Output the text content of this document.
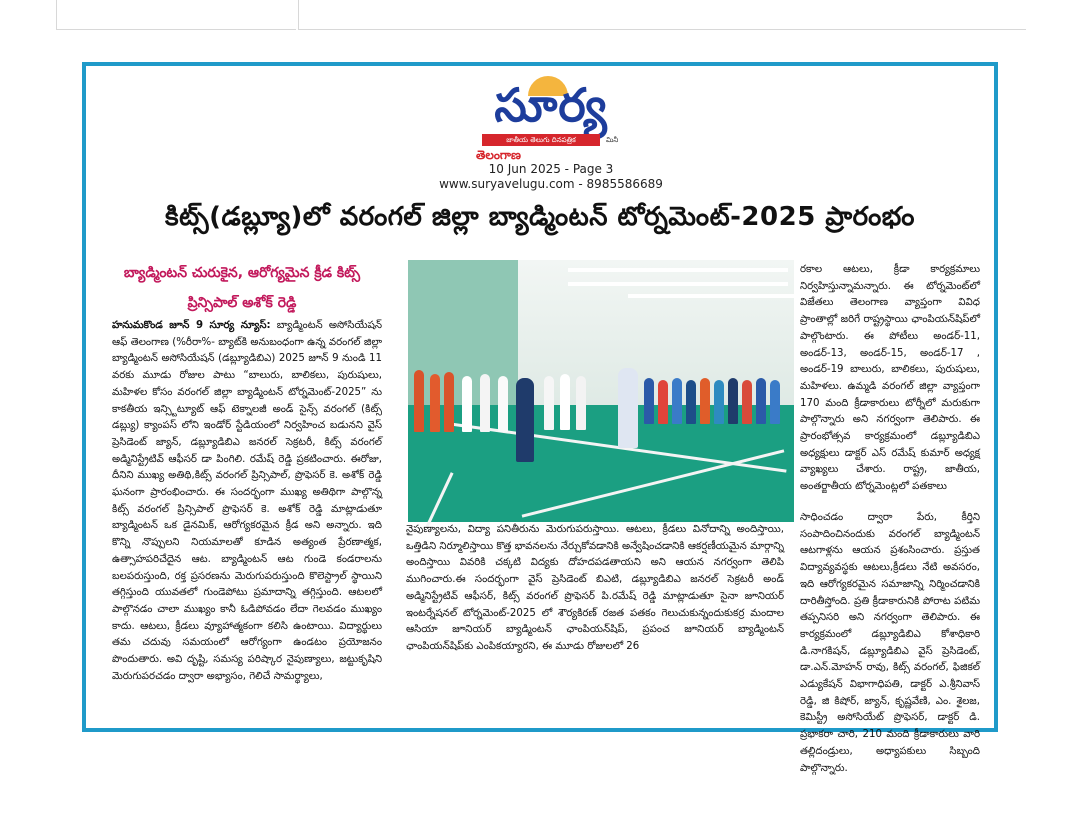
సూర్య
జాతీయ తెలుగు దినపత్రిక	మినీ
తెలంగాణ
10 Jun 2025 - Page 3
www.suryavelugu.com - 8985586689
కిట్స్(డబ్ల్యూ)లో వరంగల్ జిల్లా బ్యాడ్మింటన్ టోర్నమెంట్-2025 ప్రారంభం
బ్యాడ్మింటన్ చురుకైన, ఆరోగ్యమైన క్రీడ కిట్స్
ప్రిన్సిపాల్ అశోక్ రెడ్డి
హనుమకొండ జూన్ 9 సూర్య న్యూస్: బ్యాడ్మింటన్ అసోసియేషన్ ఆఫ్ తెలంగాణ (%రీరా%- బ్యాట్‌కి అనుబంధంగా ఉన్న వరంగల్ జిల్లా బ్యాడ్మింటన్ అసోసియేషన్ (డబ్ల్యూడిబిఎ) 2025 జూన్ 9 నుండి 11 వరకు మూడు రోజుల పాటు “బాలురు, బాలికలు, పురుషులు, మహిళల కోసం వరంగల్ జిల్లా బ్యాడ్మింటన్ టోర్నమెంట్-2025” ను కాకతీయ ఇన్స్టిట్యూట్ ఆఫ్ టెక్నాలజీ అండ్ సైన్స్ వరంగల్ (కిట్స్ డబ్ల్యు) క్యాంపస్ లోని ఇండోర్ స్టేడియంలో నిర్వహించ బడునని వైస్ ప్రెసిడెంట్ జ్యాన్, డబ్ల్యూడిబిఎ జనరల్ సెక్రటరీ, కిట్స్ వరంగల్ అడ్మినిస్ట్రేటివ్ ఆఫీసర్ డా పింగిలి. రమేష్ రెడ్డి ప్రకటించారు. ఈరోజు, దీనిని ముఖ్య అతిథి,కిట్స్ వరంగల్ ప్రిన్సిపాల్, ప్రొఫెసర్ కె. అశోక్ రెడ్డి ఘనంగా ప్రారంభించారు. ఈ సందర్భంగా ముఖ్య అతిథిగా పాల్గొన్న కిట్స్ వరంగల్ ప్రిన్సిపాల్ ప్రొఫెసర్ కె. అశోక్ రెడ్డి మాట్లాడుతూ బ్యాడ్మింటన్ ఒక డైనమిక్, ఆరోగ్యకరమైన క్రీడ అని అన్నారు. ఇది కొన్ని నొప్పులని నియమాలతో కూడిన అత్యంత ప్రేరణాత్మక, ఉత్సాహపరిచేదైన ఆట. బ్యాడ్మింటన్ ఆట గుండె కండరాలను బలపరుస్తుంది, రక్త ప్రసరణను మెరుగుపరుస్తుంది కొలెస్ట్రాల్ స్థాయిని తగ్గిస్తుంది యువతలో గుండెపోటు ప్రమాదాన్ని తగ్గిస్తుంది. ఆటలలో పాల్గొనడం చాలా ముఖ్యం కానీ ఓడిపోవడం లేదా గెలవడం ముఖ్యం కాదు. ఆటలు, క్రీడలు వ్యూహాత్మకంగా కలిసి ఉంటాయి. విద్యార్థులు తమ చదువు సమయంలో ఆరోగ్యంగా ఉండటం ప్రయోజనం పొందుతారు. అవి దృష్టి, సమస్య పరిష్కార నైపుణ్యాలు, జట్టుకృషిని మెరుగుపరచడం ద్వారా అభ్యాసం, గెలిచే సామర్థ్యాలు,
నైపుణ్యాలను, విద్యా పనితీరును మెరుగుపరుస్తాయి. ఆటలు, క్రీడలు వినోదాన్ని అందిస్తాయి, ఒత్తిడిని నిర్మూలిస్తాయి కొత్త భావనలను నేర్చుకోవడానికి అన్వేషించడానికి ఆకర్షణీయమైన మార్గాన్ని అందిస్తాయి వివరికి చక్కటి విద్యకు దోహదపడతాయని అని ఆయన నగర్వంగా తెలిపి ముగించారు.ఈ సందర్భంగా వైస్ ప్రెసిడెంట్ బిఎటి, డబ్ల్యూడిబిఎ జనరల్ సెక్రటరీ అండ్ అడ్మినిస్ట్రేటివ్ ఆఫీసర్, కిట్స్ వరంగల్ ప్రొఫెసర్ పి.రమేష్ రెడ్డి మాట్లాడుతూ సైనా జూనియర్ ఇంటర్నేషనల్ టోర్నమెంట్-2025 లో శౌర్యకిరణ్ రజత పతకం గెలుచుకున్నందుకుకర్ర మందాల ఆసియా జూనియర్ బ్యాడ్మింటన్ ఛాంపియన్‌షిప్, ప్రపంచ జూనియర్ బ్యాడ్మింటన్ ఛాంపియన్‌షిప్‌కు ఎంపికయ్యారని, ఈ మూడు రోజులలో 26
రకాల ఆటలు, క్రీడా కార్యక్రమాలు నిర్వహిస్తున్నామన్నారు. ఈ టోర్నమెంట్‌లో విజేతలు తెలంగాణ వ్యాప్తంగా వివిధ ప్రాంతాల్లో జరిగే రాష్ట్రస్థాయి ఛాంపియన్‌షిప్‌లో పాల్గొంటారు. ఈ పోటీలు అండర్-11, అండర్-13, అండర్-15, అండర్-17 , అండర్-19 బాలురు, బాలికలు, పురుషులు, మహిళలు. ఉమ్మడి వరంగల్ జిల్లా వ్యాప్తంగా 170 మంది క్రీడాకారులు టోర్నీలో మరుకుగా పాల్గొన్నారు అని నగర్వంగా తెలిపారు. ఈ ప్రారంభోత్సవ కార్యక్రమంలో డబ్ల్యూడిబిఎ అధ్యక్షులు డాక్టర్ ఎస్ రమేష్ కుమార్ అధ్యక్ష వ్యాఖ్యలు చేశారు. రాష్ట్ర, జాతీయ, అంతర్జాతీయ టోర్నమెంట్లలో పతకాలు
సాధించడం ద్వారా పేరు, కీర్తిని సంపాదించినందుకు వరంగల్ బ్యాడ్మింటన్ ఆటగాళ్లను ఆయన ప్రశంసించారు. ప్రస్తుత విద్యావ్యవస్థకు ఆటలు,క్రీడలు నేటి అవసరం, ఇది ఆరోగ్యకరమైన సమాజాన్ని నిర్మించడానికి దారితీస్తోంది. ప్రతి క్రీడాకారునికి పోరాట పటిమ తప్పనిసరి అని నగర్వంగా తెలిపారు. ఈ కార్యక్రమంలో డబ్ల్యూడిబిఎ కోశాధికారి డి.నాగకిషన్, డబ్ల్యూడిబిఎ వైస్ ప్రెసిడెంట్, డా.ఎన్.మోహన్ రావు, కిట్స్ వరంగల్, ఫిజికల్ ఎడ్యుకేషన్ విభాగాధిపతి, డాక్టర్ ఎ.శ్రీనివాస్ రెడ్డి, జి కిషోర్, జ్యాన్, కృష్ణవేణి, ఎం. శైలజ, కెమిస్ట్రీ అసోసియేట్ ప్రొఫెసర్, డాక్టర్ డి. ప్రభాకరా చారి, 210 మంది క్రీడాకారులు వారి తల్లిదండ్రులు, అధ్యాపకులు సిబ్బంది పాల్గొన్నారు.
